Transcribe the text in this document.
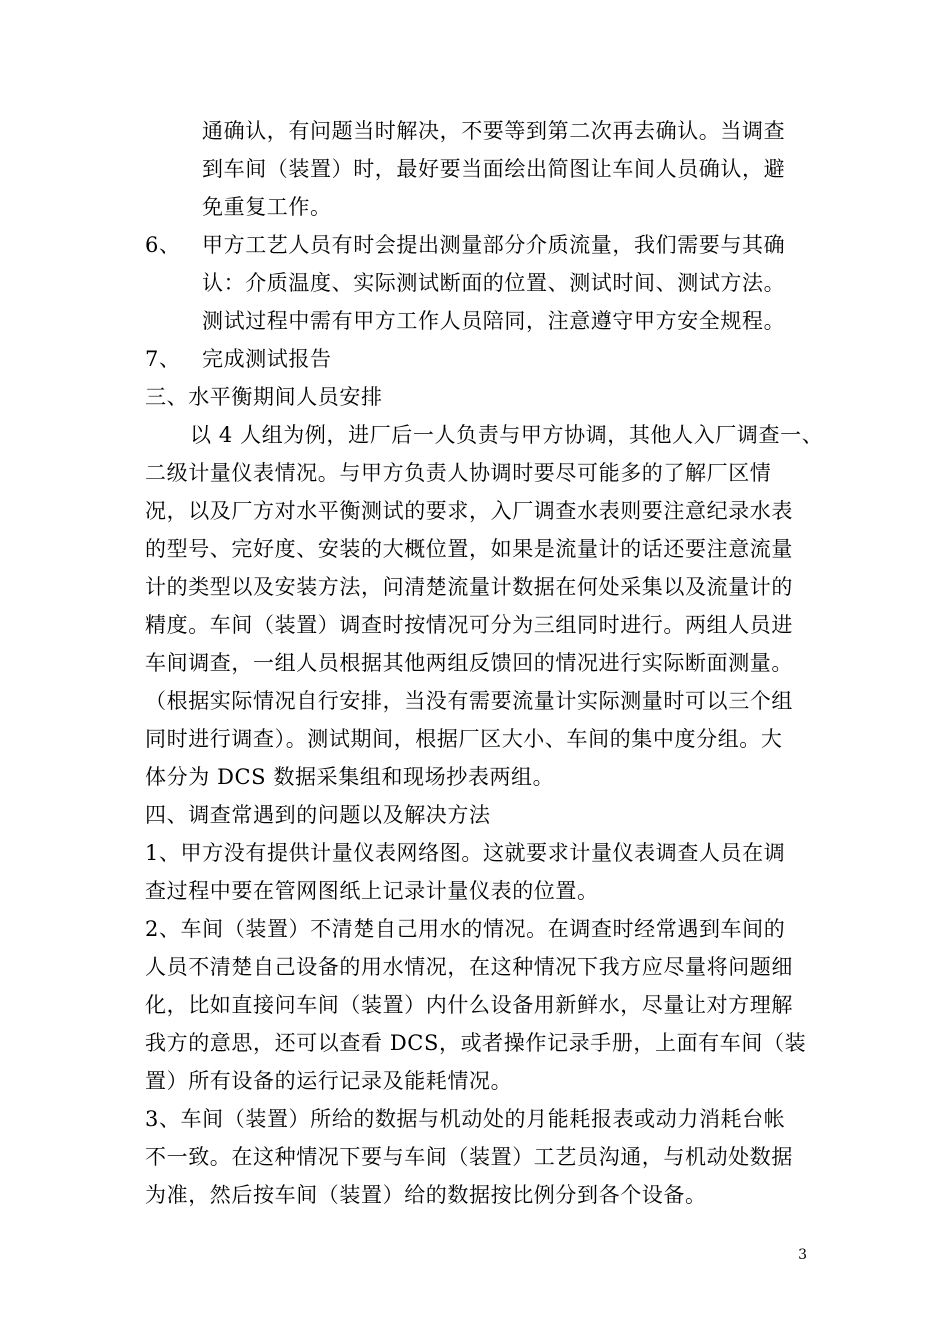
通确认，有问题当时解决，不要等到第二次再去确认。当调查
到车间（装置）时，最好要当面绘出简图让车间人员确认，避
免重复工作。
6、 甲方工艺人员有时会提出测量部分介质流量，我们需要与其确
认：介质温度、实际测试断面的位置、测试时间、测试方法。
测试过程中需有甲方工作人员陪同，注意遵守甲方安全规程。
7、 完成测试报告
三、水平衡期间人员安排
以 4 人组为例，进厂后一人负责与甲方协调，其他人入厂调查一、
二级计量仪表情况。与甲方负责人协调时要尽可能多的了解厂区情
况，以及厂方对水平衡测试的要求，入厂调查水表则要注意纪录水表
的型号、完好度、安装的大概位置，如果是流量计的话还要注意流量
计的类型以及安装方法，问清楚流量计数据在何处采集以及流量计的
精度。车间（装置）调查时按情况可分为三组同时进行。两组人员进
车间调查，一组人员根据其他两组反馈回的情况进行实际断面测量。
（根据实际情况自行安排，当没有需要流量计实际测量时可以三个组
同时进行调查）。测试期间，根据厂区大小、车间的集中度分组。大
体分为 DCS 数据采集组和现场抄表两组。
四、调查常遇到的问题以及解决方法
1、甲方没有提供计量仪表网络图。这就要求计量仪表调查人员在调
查过程中要在管网图纸上记录计量仪表的位置。
2、车间（装置）不清楚自己用水的情况。在调查时经常遇到车间的
人员不清楚自己设备的用水情况，在这种情况下我方应尽量将问题细
化，比如直接问车间（装置）内什么设备用新鲜水，尽量让对方理解
我方的意思，还可以查看 DCS，或者操作记录手册，上面有车间（装
置）所有设备的运行记录及能耗情况。
3、车间（装置）所给的数据与机动处的月能耗报表或动力消耗台帐
不一致。在这种情况下要与车间（装置）工艺员沟通，与机动处数据
为准，然后按车间（装置）给的数据按比例分到各个设备。
3
